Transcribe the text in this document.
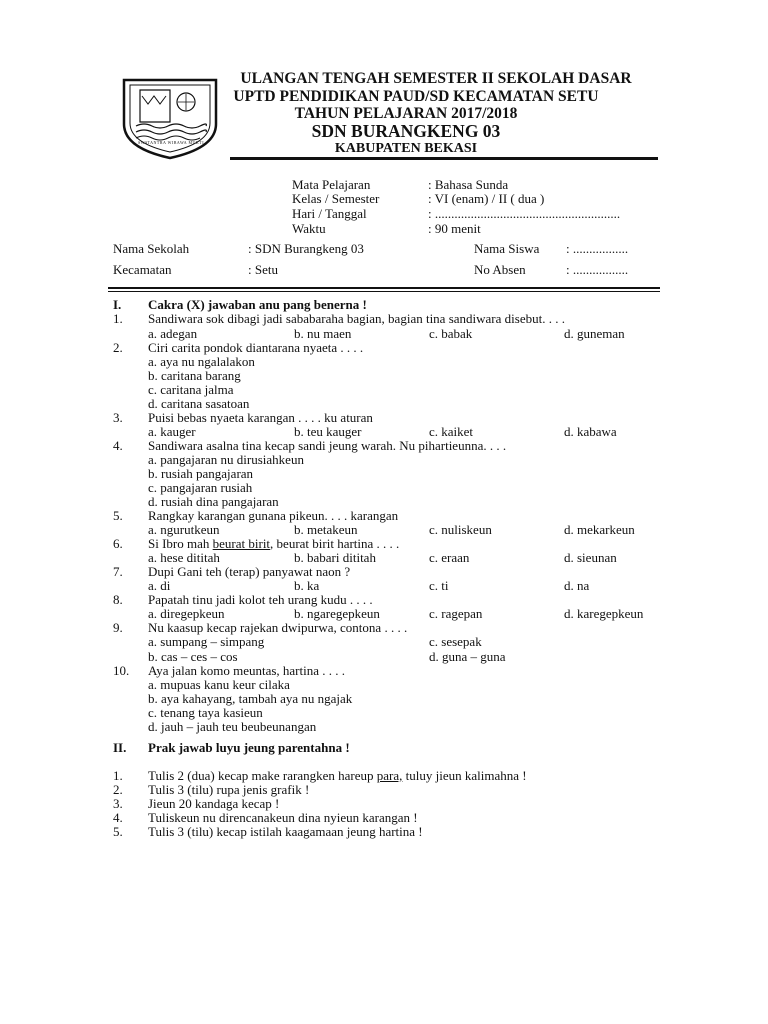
SWATANTRA WIBAWA MUKTI
ULANGAN TENGAH SEMESTER II SEKOLAH DASAR
UPTD PENDIDIKAN PAUD/SD KECAMATAN SETU
TAHUN PELAJARAN 2017/2018
SDN BURANGKENG 03
KABUPATEN BEKASI
Mata Pelajaran	: Bahasa Sunda
Kelas / Semester	: VI (enam) / II ( dua )
Hari / Tanggal	: .........................................................
Waktu	: 90 menit
Nama Sekolah	: SDN Burangkeng 03	Nama Siswa : .................
Kecamatan	: Setu	No Absen	: .................
I. Cakra (X) jawaban anu pang benerna !
1. Sandiwara sok dibagi jadi sababaraha bagian, bagian tina sandiwara disebut. . . .
a. adegan	b. nu maen	c. babak	d. guneman
2. Ciri carita pondok diantarana nyaeta . . . .
a. aya nu ngalalakon
b. caritana barang
c. caritana jalma
d. caritana sasatoan
3. Puisi bebas nyaeta karangan . . . . ku aturan
a. kauger	b. teu kauger	c. kaiket	d. kabawa
4. Sandiwara asalna tina kecap sandi jeung warah. Nu pihartieunna. . . .
a. pangajaran nu dirusiahkeun
b. rusiah pangajaran
c. pangajaran rusiah
d. rusiah dina pangajaran
5. Rangkay karangan gunana pikeun. . . . karangan
a. ngurutkeun	b. metakeun	c. nuliskeun	d. mekarkeun
6. Si Ibro mah beurat birit, beurat birit hartina . . . .
a. hese dititah	b. babari dititah	c. eraan	d. sieunan
7. Dupi Gani teh (terap) panyawat naon ?
a. di	b. ka	c. ti	d. na
8. Papatah tinu jadi kolot teh urang kudu . . . .
a. diregepkeun	b. ngaregepkeun	c. ragepan	d. karegepkeun
9. Nu kaasup kecap rajekan dwipurwa, contona . . . .
a. sumpang – simpang	c. sesepak
b. cas – ces – cos	d. guna – guna
10. Aya jalan komo meuntas, hartina . . . .
a. mupuas kanu keur cilaka
b. aya kahayang, tambah aya nu ngajak
c. tenang taya kasieun
d. jauh – jauh teu beubeunangan
II. Prak jawab luyu jeung parentahna !
1. Tulis 2 (dua) kecap make rarangken hareup para, tuluy jieun kalimahna !
2. Tulis 3 (tilu) rupa jenis grafik !
3. Jieun 20 kandaga kecap !
4. Tuliskeun nu direncanakeun dina nyieun karangan !
5. Tulis 3 (tilu) kecap istilah kaagamaan jeung hartina !
